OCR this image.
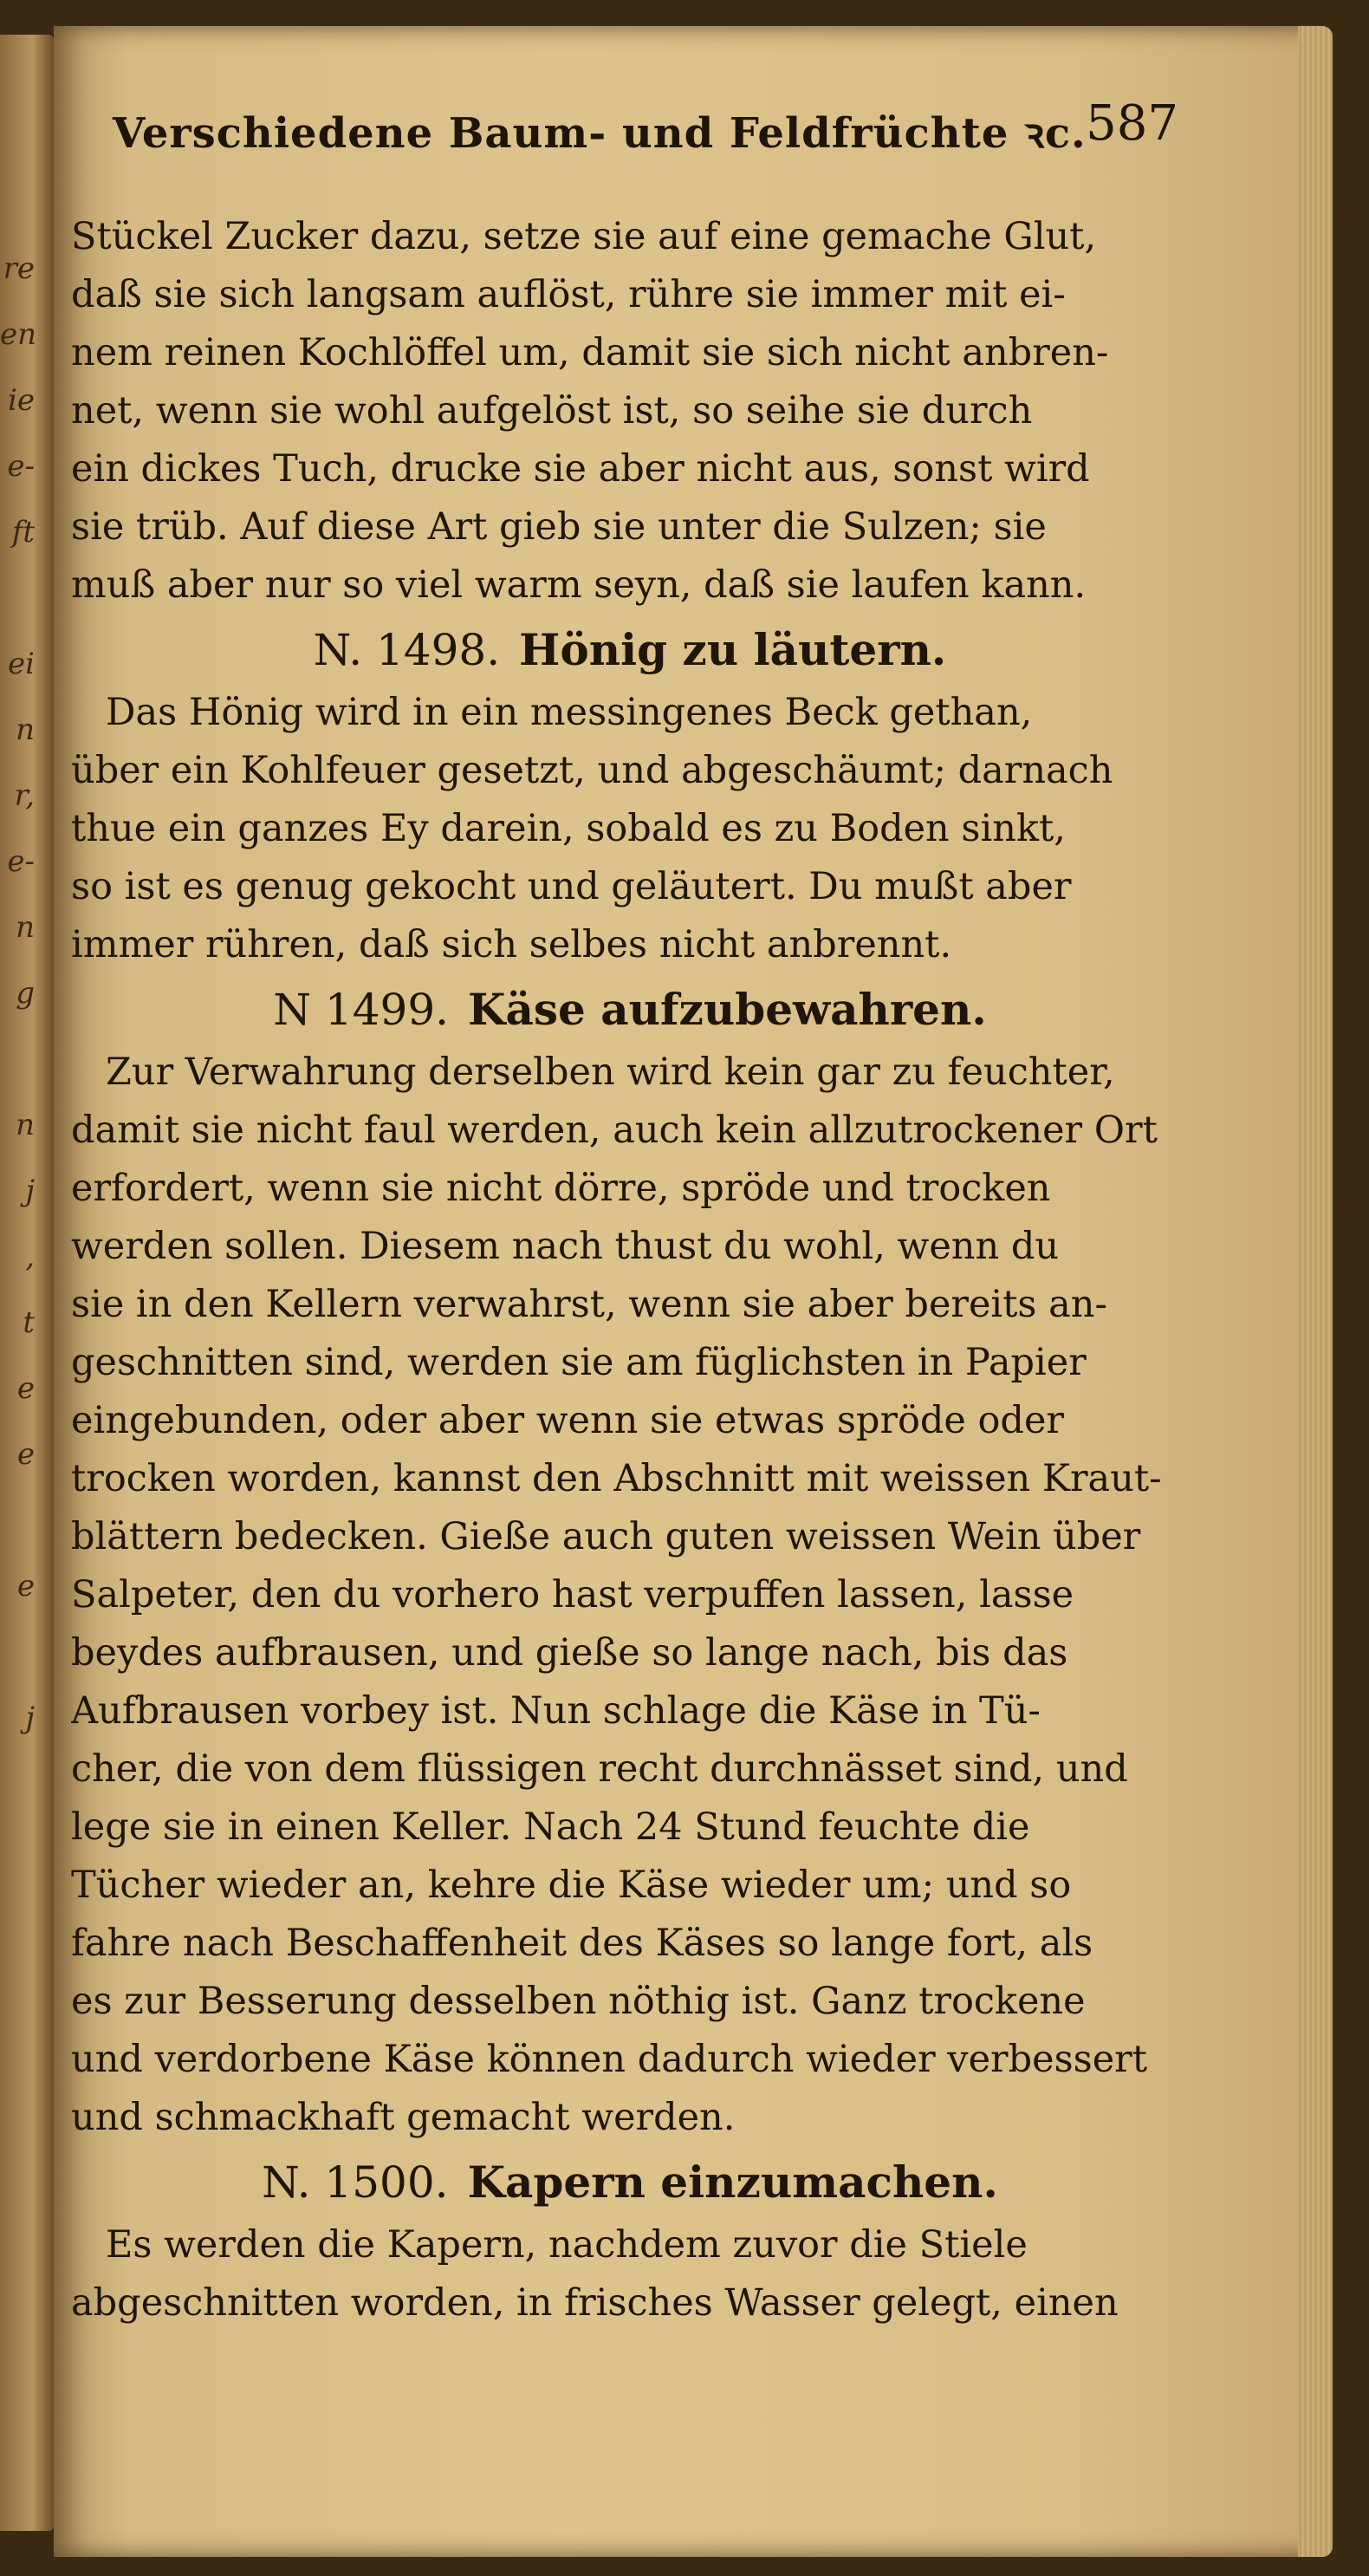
re
en
ie
e-
ft
ei
n
r,
e-
n
g
n
j
,
t
e
e
e
j
Verschiedene Baum- und Feldfrüchte ꝛc. 587
Stückel Zucker dazu, setze sie auf eine gemache Glut,
daß sie sich langsam auflöst, rühre sie immer mit ei-
nem reinen Kochlöffel um, damit sie sich nicht anbren-
net, wenn sie wohl aufgelöst ist, so seihe sie durch
ein dickes Tuch, drucke sie aber nicht aus, sonst wird
sie trüb. Auf diese Art gieb sie unter die Sulzen; sie
muß aber nur so viel warm seyn, daß sie laufen kann.
N. 1498. Hönig zu läutern.
Das Hönig wird in ein messingenes Beck gethan,
über ein Kohlfeuer gesetzt, und abgeschäumt; darnach
thue ein ganzes Ey darein, sobald es zu Boden sinkt,
so ist es genug gekocht und geläutert. Du mußt aber
immer rühren, daß sich selbes nicht anbrennt.
N 1499. Käse aufzubewahren.
Zur Verwahrung derselben wird kein gar zu feuchter,
damit sie nicht faul werden, auch kein allzutrockener Ort
erfordert, wenn sie nicht dörre, spröde und trocken
werden sollen. Diesem nach thust du wohl, wenn du
sie in den Kellern verwahrst, wenn sie aber bereits an-
geschnitten sind, werden sie am füglichsten in Papier
eingebunden, oder aber wenn sie etwas spröde oder
trocken worden, kannst den Abschnitt mit weissen Kraut-
blättern bedecken. Gieße auch guten weissen Wein über
Salpeter, den du vorhero hast verpuffen lassen, lasse
beydes aufbrausen, und gieße so lange nach, bis das
Aufbrausen vorbey ist. Nun schlage die Käse in Tü-
cher, die von dem flüssigen recht durchnässet sind, und
lege sie in einen Keller. Nach 24 Stund feuchte die
Tücher wieder an, kehre die Käse wieder um; und so
fahre nach Beschaffenheit des Käses so lange fort, als
es zur Besserung desselben nöthig ist. Ganz trockene
und verdorbene Käse können dadurch wieder verbessert
und schmackhaft gemacht werden.
N. 1500. Kapern einzumachen.
Es werden die Kapern, nachdem zuvor die Stiele
abgeschnitten worden, in frisches Wasser gelegt, einen
